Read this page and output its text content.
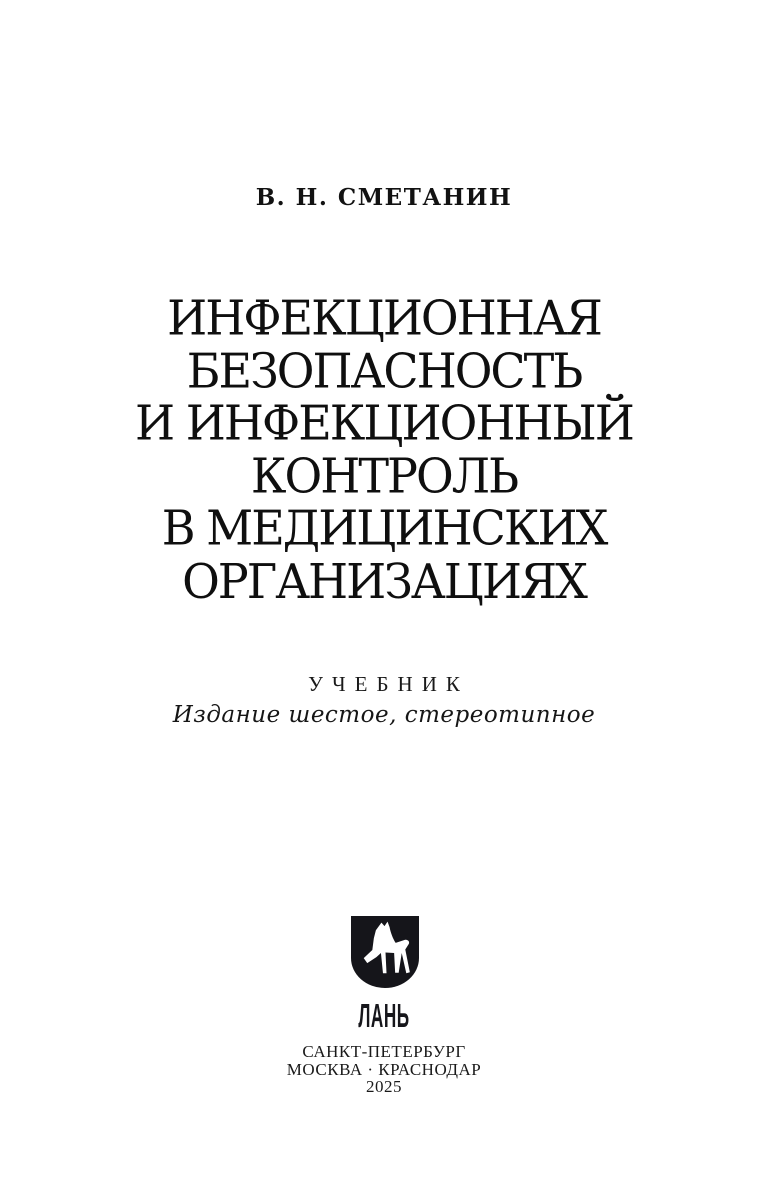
В. Н. СМЕТАНИН
ИНФЕКЦИОННАЯ
БЕЗОПАСНОСТЬ
И ИНФЕКЦИОННЫЙ
КОНТРОЛЬ
В МЕДИЦИНСКИХ
ОРГАНИЗАЦИЯХ
УЧЕБНИК
Издание шестое, стереотипное
ЛАНЬ
САНКТ-ПЕТЕРБУРГ
МОСКВА · КРАСНОДАР
2025
